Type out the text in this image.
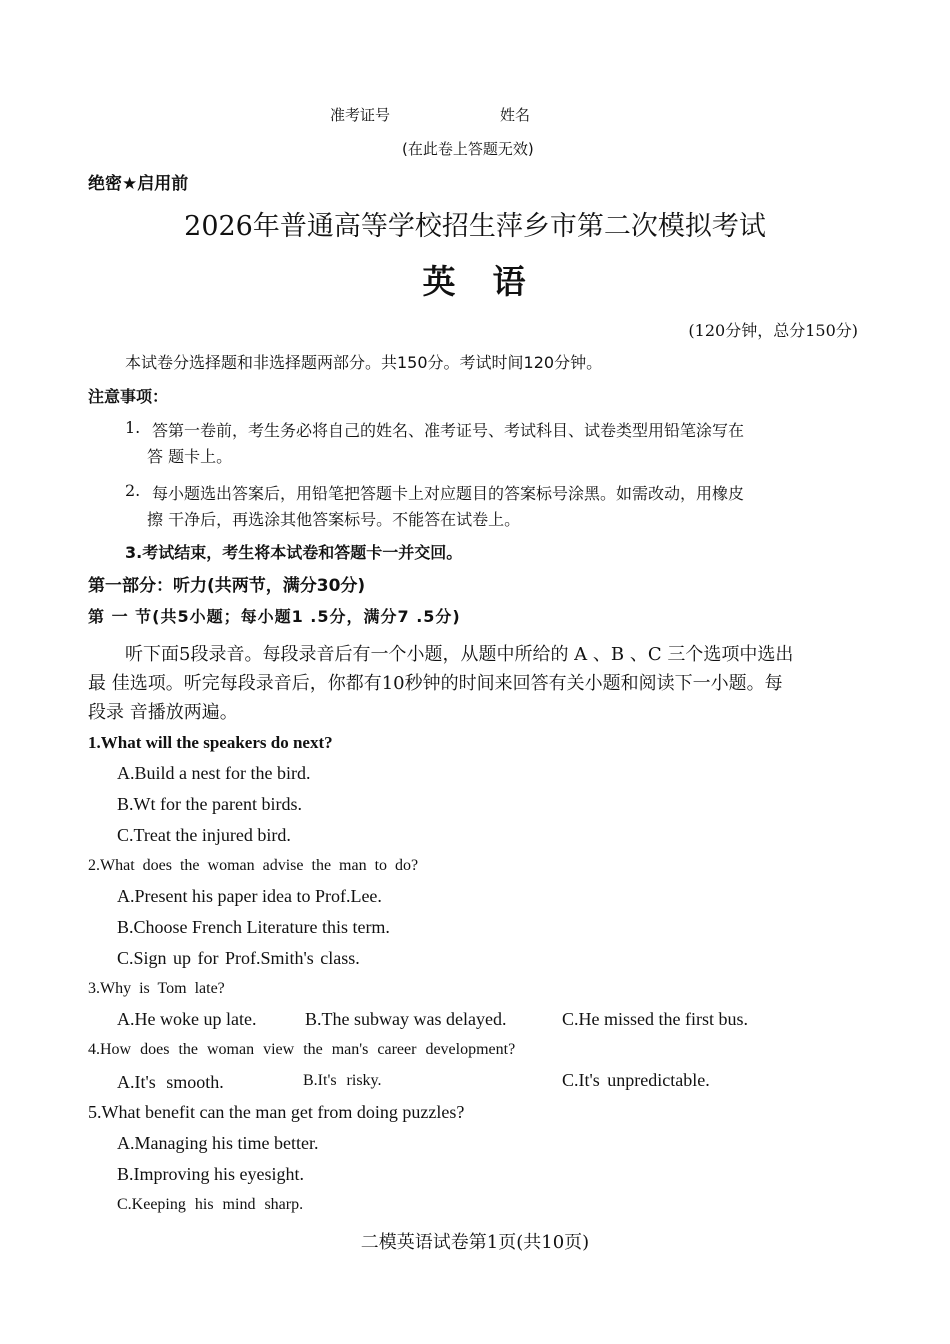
准考证号	姓名
(在此卷上答题无效)
绝密★启用前
2026年普通高等学校招生萍乡市第二次模拟考试
英　语
(120分钟，总分150分)
本试卷分选择题和非选择题两部分。共150分。考试时间120分钟。
注意事项：
1. 答第一卷前，考生务必将自己的姓名、准考证号、考试科目、试卷类型用铅笔涂写在
答 题卡上。
2. 每小题选出答案后，用铅笔把答题卡上对应题目的答案标号涂黑。如需改动，用橡皮
擦 干净后，再选涂其他答案标号。不能答在试卷上。
3.考试结束，考生将本试卷和答题卡一并交回。
第一部分：听力(共两节，满分30分)
第 一 节(共5小题；每小题1 .5分，满分7 .5分)
听下面5段录音。每段录音后有一个小题，从题中所给的 A 、B 、C 三个选项中选出
最 佳选项。听完每段录音后，你都有10秒钟的时间来回答有关小题和阅读下一小题。每
段录 音播放两遍。
1.What will the speakers do next?
A.Build a nest for the bird.
B.Wt for the parent birds.
C.Treat the injured bird.
2.What does the woman advise the man to do?
A.Present his paper idea to Prof.Lee.
B.Choose French Literature this term.
C.Sign up for Prof.Smith's class.
3.Why is Tom late?
A.He woke up late.	B.The subway was delayed.	C.He missed the first bus.
4.How does the woman view the man's career development?
A.It's smooth.	B.It's risky.	C.It's unpredictable.
5.What benefit can the man get from doing puzzles?
A.Managing his time better.
B.Improving his eyesight.
C.Keeping his mind sharp.
二模英语试卷第1页(共10页)
